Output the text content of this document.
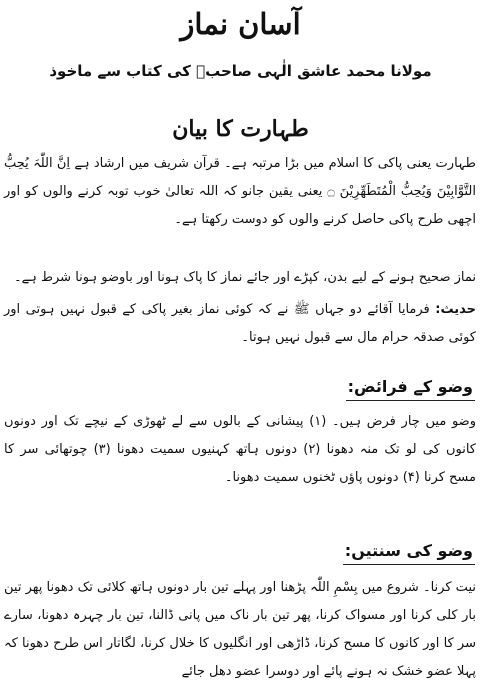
آسان نماز
مولانا محمد عاشق الٰہی صاحبؒ کی کتاب سے ماخوذ
طہارت کا بیان

طہارت یعنی پاکی کا اسلام میں بڑا مرتبہ ہے۔ قرآن شریف میں ارشاد ہے اِنَّ اللّٰہَ یُحِبُّ التَّوَّابِیْنَ وَیُحِبُّ الْمُتَطَھِّرِیْنَ ۝ یعنی یقین جانو کہ اللہ تعالیٰ خوب توبہ کرنے والوں کو اور اچھی طرح پاکی حاصل کرنے والوں کو دوست رکھتا ہے۔

نماز صحیح ہونے کے لیے بدن، کپڑے اور جائے نماز کا پاک ہونا اور باوضو ہونا شرط ہے۔

حدیث: فرمایا آقائے دو جہاں ﷺ نے کہ کوئی نماز بغیر پاکی کے قبول نہیں ہوتی اور کوئی صدقہ حرام مال سے قبول نہیں ہوتا۔

وضو کے فرائض:

وضو میں چار فرض ہیں۔ (۱) پیشانی کے بالوں سے لے ٹھوڑی کے نیچے تک اور دونوں کانوں کی لو تک منہ دھونا (۲) دونوں ہاتھ کہنیوں سمیت دھونا (۳) چوتھائی سر کا مسح کرنا (۴) دونوں پاؤں ٹخنوں سمیت دھونا۔

وضو کی سنتیں:

نیت کرنا۔ شروع میں بِسْمِ اللّٰہ پڑھنا اور پہلے تین بار دونوں ہاتھ کلائی تک دھونا پھر تین بار کلی کرنا اور مسواک کرنا، پھر تین بار ناک میں پانی ڈالنا، تین بار چہرہ دھونا، سارے سر کا اور کانوں کا مسح کرنا، ڈاڑھی اور انگلیوں کا خلال کرنا، لگاتار اس طرح دھونا کہ پہلا عضو خشک نہ ہونے پائے اور دوسرا عضو دھل جائے
